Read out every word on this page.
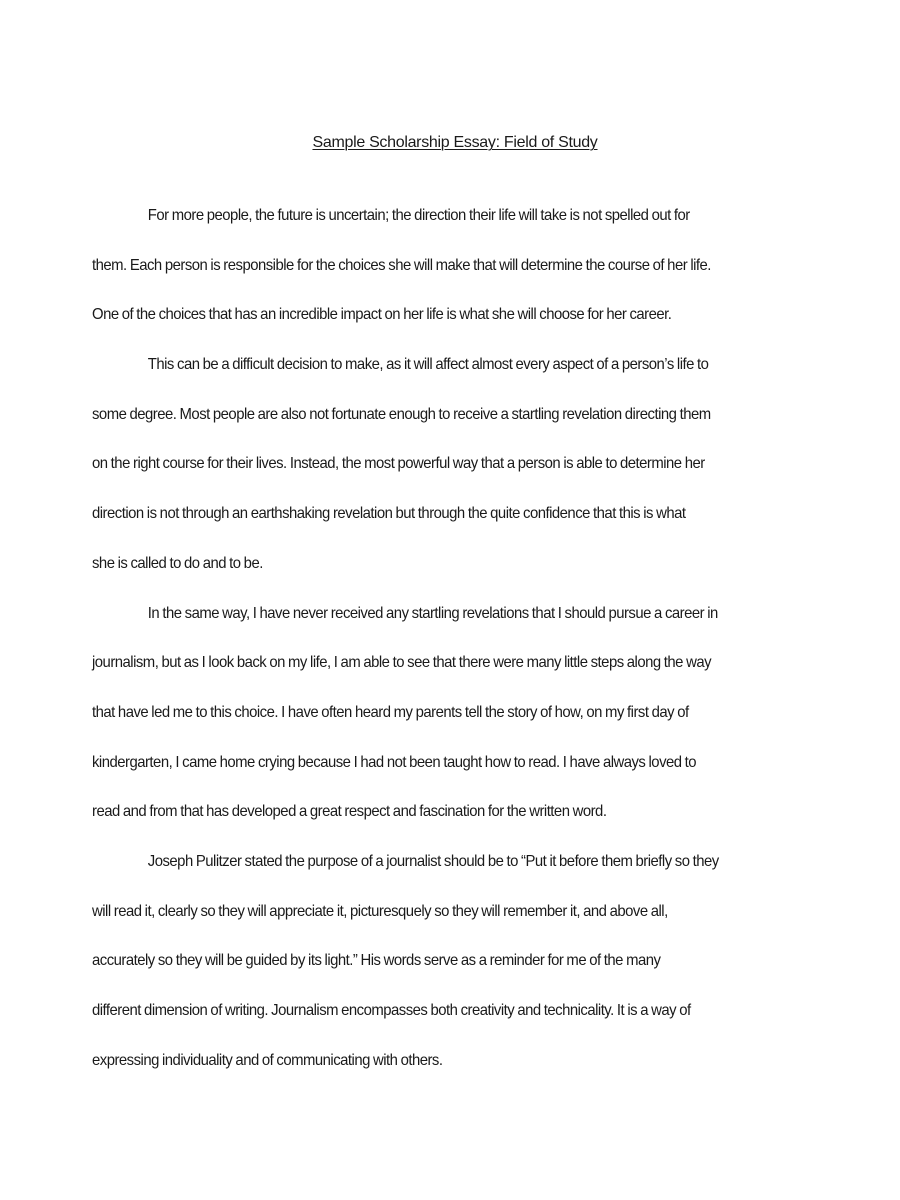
Sample Scholarship Essay: Field of Study
For more people, the future is uncertain; the direction their life will take is not spelled out for
them. Each person is responsible for the choices she will make that will determine the course of her life.
One of the choices that has an incredible impact on her life is what she will choose for her career.
This can be a difficult decision to make, as it will affect almost every aspect of a person’s life to
some degree. Most people are also not fortunate enough to receive a startling revelation directing them
on the right course for their lives. Instead, the most powerful way that a person is able to determine her
direction is not through an earthshaking revelation but through the quite confidence that this is what
she is called to do and to be.
In the same way, I have never received any startling revelations that I should pursue a career in
journalism, but as I look back on my life, I am able to see that there were many little steps along the way
that have led me to this choice. I have often heard my parents tell the story of how, on my first day of
kindergarten, I came home crying because I had not been taught how to read. I have always loved to
read and from that has developed a great respect and fascination for the written word.
Joseph Pulitzer stated the purpose of a journalist should be to “Put it before them briefly so they
will read it, clearly so they will appreciate it, picturesquely so they will remember it, and above all,
accurately so they will be guided by its light.” His words serve as a reminder for me of the many
different dimension of writing. Journalism encompasses both creativity and technicality. It is a way of
expressing individuality and of communicating with others.
